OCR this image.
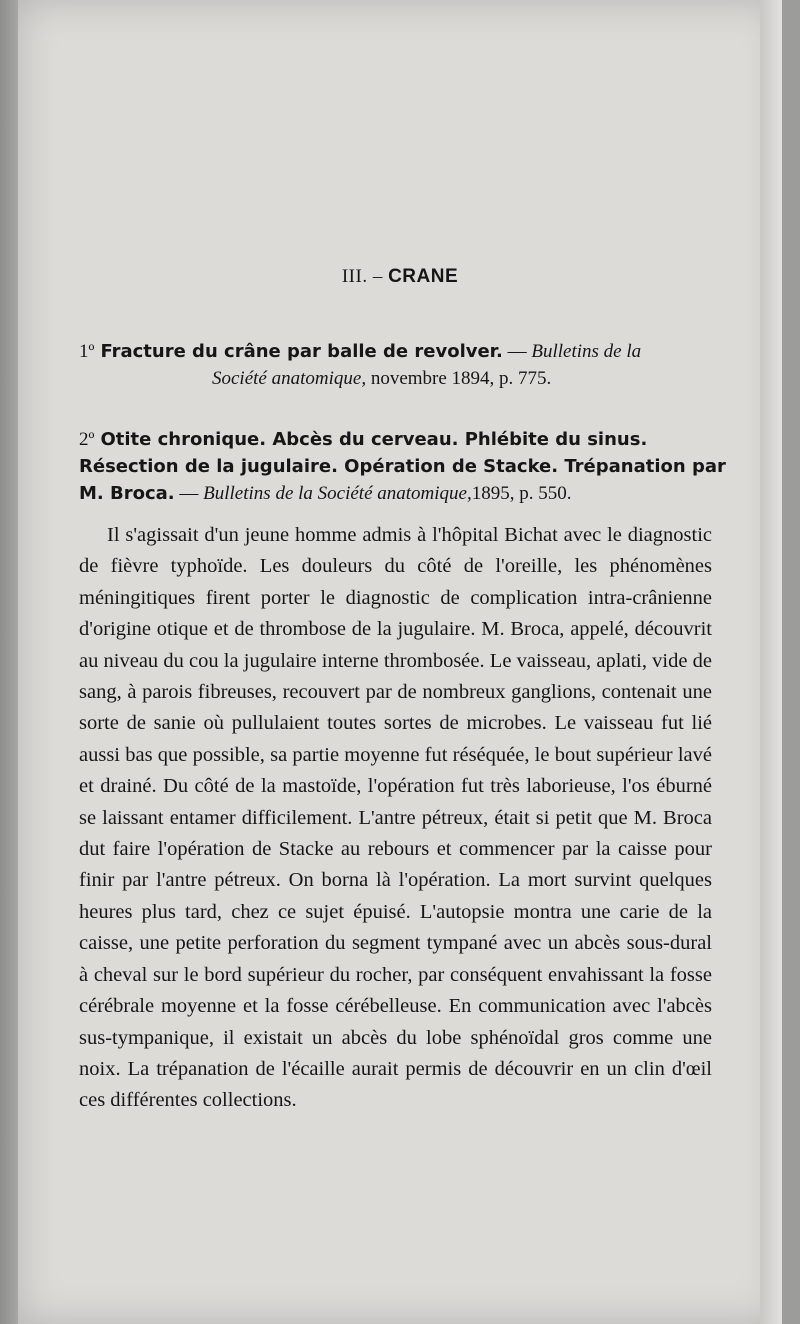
III. – CRANE
1º Fracture du crâne par balle de revolver. — Bulletins de la
Société anatomique, novembre 1894, p. 775.
2º Otite chronique. Abcès du cerveau. Phlébite du sinus. Résection de la jugulaire. Opération de Stacke. Trépanation par M. Broca. — Bulletins de la Société anatomique,1895, p. 550.
Il s'agissait d'un jeune homme admis à l'hôpital Bichat avec le diagnostic de fièvre typhoïde. Les douleurs du côté de l'oreille, les phénomènes méningitiques firent porter le diagnostic de complication intra-crânienne d'origine otique et de thrombose de la jugulaire. M. Broca, appelé, découvrit au niveau du cou la jugulaire interne thrombosée. Le vaisseau, aplati, vide de sang, à parois fibreuses, recouvert par de nombreux ganglions, contenait une sorte de sanie où pullulaient toutes sortes de microbes. Le vaisseau fut lié aussi bas que possible, sa partie moyenne fut réséquée, le bout supérieur lavé et drainé. Du côté de la mastoïde, l'opération fut très laborieuse, l'os éburné se laissant entamer difficilement. L'antre pétreux, était si petit que M. Broca dut faire l'opération de Stacke au rebours et commencer par la caisse pour finir par l'antre pétreux. On borna là l'opération. La mort survint quelques heures plus tard, chez ce sujet épuisé. L'autopsie montra une carie de la caisse, une petite perforation du segment tympané avec un abcès sous-dural à cheval sur le bord supérieur du rocher, par conséquent envahissant la fosse cérébrale moyenne et la fosse cérébelleuse. En communication avec l'abcès sus-tympanique, il existait un abcès du lobe sphénoïdal gros comme une noix. La trépanation de l'écaille aurait permis de découvrir en un clin d'œil ces différentes collections.
